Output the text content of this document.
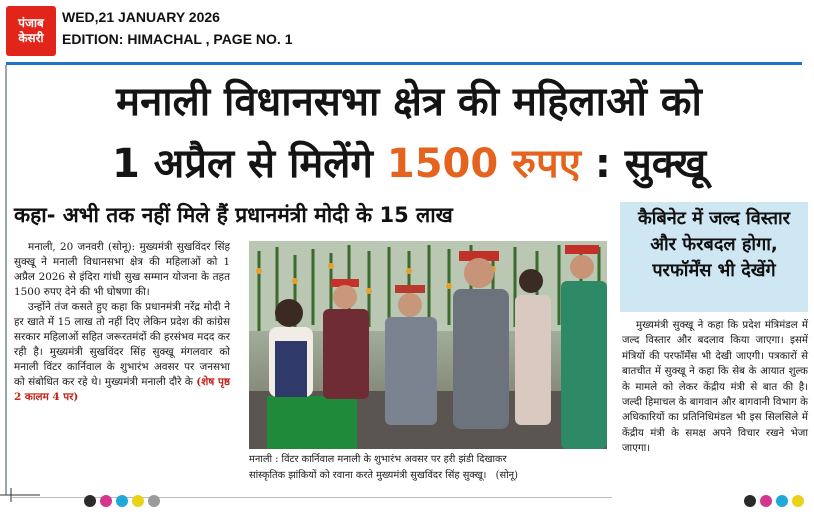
पंजाब
केसरी
WED,21 JANUARY 2026
EDITION: HIMACHAL , PAGE NO. 1
मनाली विधानसभा क्षेत्र की महिलाओं को
1 अप्रैल से मिलेंगे 1500 रुपए : सुक्खू
कहा- अभी तक नहीं मिले हैं प्रधानमंत्री मोदी के 15 लाख

मनाली, 20 जनवरी (सोनू): मुख्यमंत्री सुखविंदर सिंह सुक्खू ने मनाली विधानसभा क्षेत्र की महिलाओं को 1 अप्रैल 2026 से इंदिरा गांधी सुख सम्मान योजना के तहत 1500 रुपए देने की भी घोषणा की।

उन्होंने तंज कसते हुए कहा कि प्रधानमंत्री नरेंद्र मोदी ने हर खाते में 15 लाख तो नहीं दिए लेकिन प्रदेश की कांग्रेस सरकार महिलाओं सहित जरूरतमंदों की हरसंभव मदद कर रही है। मुख्यमंत्री सुखविंदर सिंह सुक्खू मंगलवार को मनाली विंटर कार्निवाल के शुभारंभ अवसर पर जनसभा को संबोधित कर रहे थे। मुख्यमंत्री मनाली दौरे के (शेष पृष्ठ 2 कालम 4 पर)

मनाली : विंटर कार्निवाल मनाली के शुभारंभ अवसर पर हरी झंडी दिखाकर
सांस्कृतिक झांकियों को रवाना करते मुख्यमंत्री सुखविंदर सिंह सुक्खू। (सोनू)
कैबिनेट में जल्द विस्तार और फेरबदल होगा, परफॉर्मेंस भी देखेंगे

मुख्यमंत्री सुक्खू ने कहा कि प्रदेश मंत्रिमंडल में जल्द विस्तार और बदलाव किया जाएगा। इसमें मंत्रियों की परफॉर्मेंस भी देखी जाएगी। पत्रकारों से बातचीत में सुक्खू ने कहा कि सेब के आयात शुल्क के मामले को लेकर केंद्रीय मंत्री से बात की है। जल्दी हिमाचल के बागवान और बागवानी विभाग के अधिकारियों का प्रतिनिधिमंडल भी इस सिलसिले में केंद्रीय मंत्री के समक्ष अपने विचार रखने भेजा जाएगा।
